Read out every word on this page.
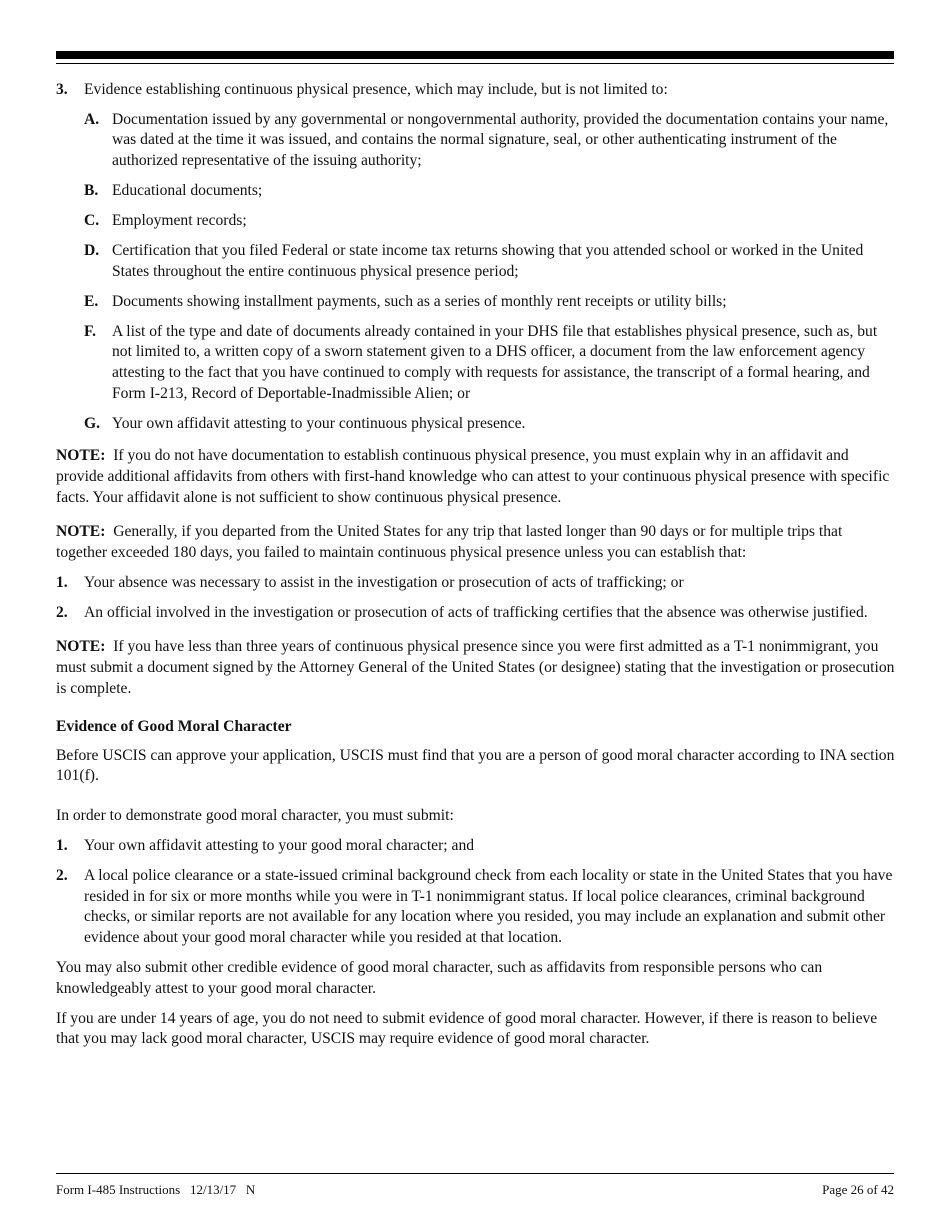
3.	Evidence establishing continuous physical presence, which may include, but is not limited to:
A. Documentation issued by any governmental or nongovernmental authority, provided the documentation contains your name, was dated at the time it was issued, and contains the normal signature, seal, or other authenticating instrument of the authorized representative of the issuing authority;
B. Educational documents;
C. Employment records;
D. Certification that you filed Federal or state income tax returns showing that you attended school or worked in the United States throughout the entire continuous physical presence period;
E. Documents showing installment payments, such as a series of monthly rent receipts or utility bills;
F.	A list of the type and date of documents already contained in your DHS file that establishes physical presence, such as, but not limited to, a written copy of a sworn statement given to a DHS officer, a document from the law enforcement agency attesting to the fact that you have continued to comply with requests for assistance, the transcript of a formal hearing, and Form I-213, Record of Deportable-Inadmissible Alien; or
G. Your own affidavit attesting to your continuous physical presence.

NOTE: If you do not have documentation to establish continuous physical presence, you must explain why in an affidavit and provide additional affidavits from others with first-hand knowledge who can attest to your continuous physical presence with specific facts. Your affidavit alone is not sufficient to show continuous physical presence.

NOTE: Generally, if you departed from the United States for any trip that lasted longer than 90 days or for multiple trips that together exceeded 180 days, you failed to maintain continuous physical presence unless you can establish that:

1.	Your absence was necessary to assist in the investigation or prosecution of acts of trafficking; or
2.	An official involved in the investigation or prosecution of acts of trafficking certifies that the absence was otherwise justified.

NOTE: If you have less than three years of continuous physical presence since you were first admitted as a T-1 nonimmigrant, you must submit a document signed by the Attorney General of the United States (or designee) stating that the investigation or prosecution is complete.

Evidence of Good Moral Character

Before USCIS can approve your application, USCIS must find that you are a person of good moral character according to INA section 101(f).

In order to demonstrate good moral character, you must submit:

1.	Your own affidavit attesting to your good moral character; and
2.	A local police clearance or a state-issued criminal background check from each locality or state in the United States that you have resided in for six or more months while you were in T-1 nonimmigrant status. If local police clearances, criminal background checks, or similar reports are not available for any location where you resided, you may include an explanation and submit other evidence about your good moral character while you resided at that location.

You may also submit other credible evidence of good moral character, such as affidavits from responsible persons who can knowledgeably attest to your good moral character.

If you are under 14 years of age, you do not need to submit evidence of good moral character. However, if there is reason to believe that you may lack good moral character, USCIS may require evidence of good moral character.

Form I-485 Instructions   12/13/17   N	Page 26 of 42
